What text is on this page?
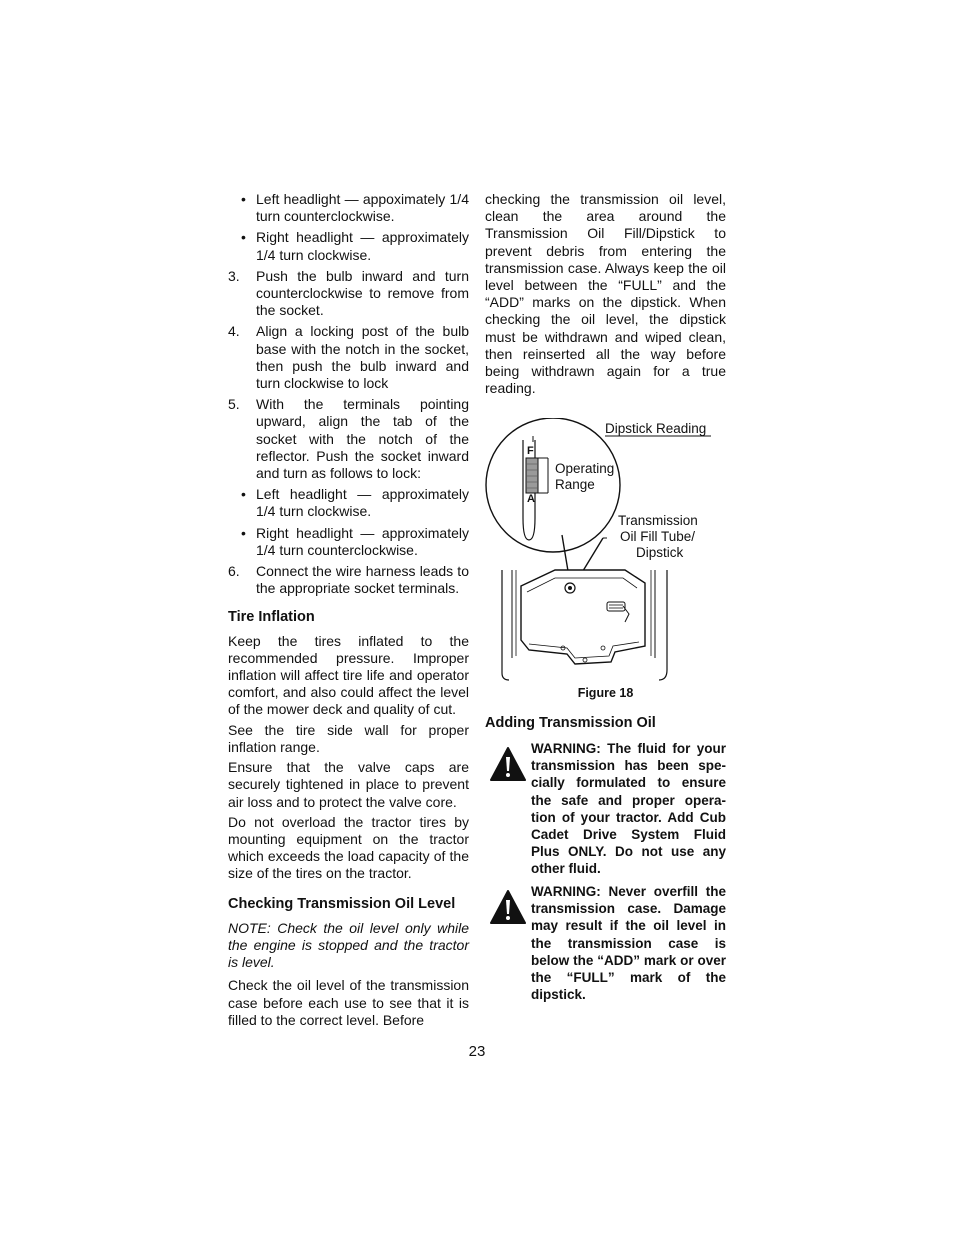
• Left headlight — appoximately 1/4 turn counterclockwise.
• Right headlight — approximately 1/4 turn clockwise.
3. Push the bulb inward and turn counterclockwise to remove from the socket.
4. Align a locking post of the bulb base with the notch in the socket, then push the bulb inward and turn clockwise to lock
5. With the terminals pointing upward, align the tab of the socket with the notch of the reflector. Push the socket inward and turn as follows to lock:
• Left headlight — approximately 1/4 turn clockwise.
• Right headlight — approximately 1/4 turn counterclockwise.
6. Connect the wire harness leads to the appropriate socket terminals.
Tire Inflation
Keep the tires inflated to the recommended pressure. Improper inflation will affect tire life and operator comfort, and also could affect the level of the mower deck and quality of cut.
See the tire side wall for proper inflation range.
Ensure that the valve caps are securely tightened in place to prevent air loss and to protect the valve core.
Do not overload the tractor tires by mounting equipment on the tractor which exceeds the load capacity of the size of the tires on the tractor.
Checking Transmission Oil Level
NOTE: Check the oil level only while the engine is stopped and the tractor is level.
Check the oil level of the transmission case before each use to see that it is filled to the correct level. Before
checking the transmission oil level, clean the area around the Transmission Oil Fill/Dipstick to prevent debris from entering the transmission case. Always keep the oil level between the “FULL” and the “ADD” marks on the dipstick. When checking the oil level, the dipstick must be withdrawn and wiped clean, then reinserted all the way before being withdrawn again for a true reading.
Dipstick Reading
F
A
Operating
Range
Transmission
Oil Fill Tube/
Dipstick
Figure 18
Adding Transmission Oil
WARNING: The fluid for your transmission has been spe-cially formulated to ensure the safe and proper opera-tion of your tractor. Add Cub Cadet Drive System Fluid Plus ONLY. Do not use any other fluid.
WARNING: Never overfill the transmission case. Damage may result if the oil level in the transmission case is below the “ADD” mark or over the “FULL” mark of the dipstick.
23
